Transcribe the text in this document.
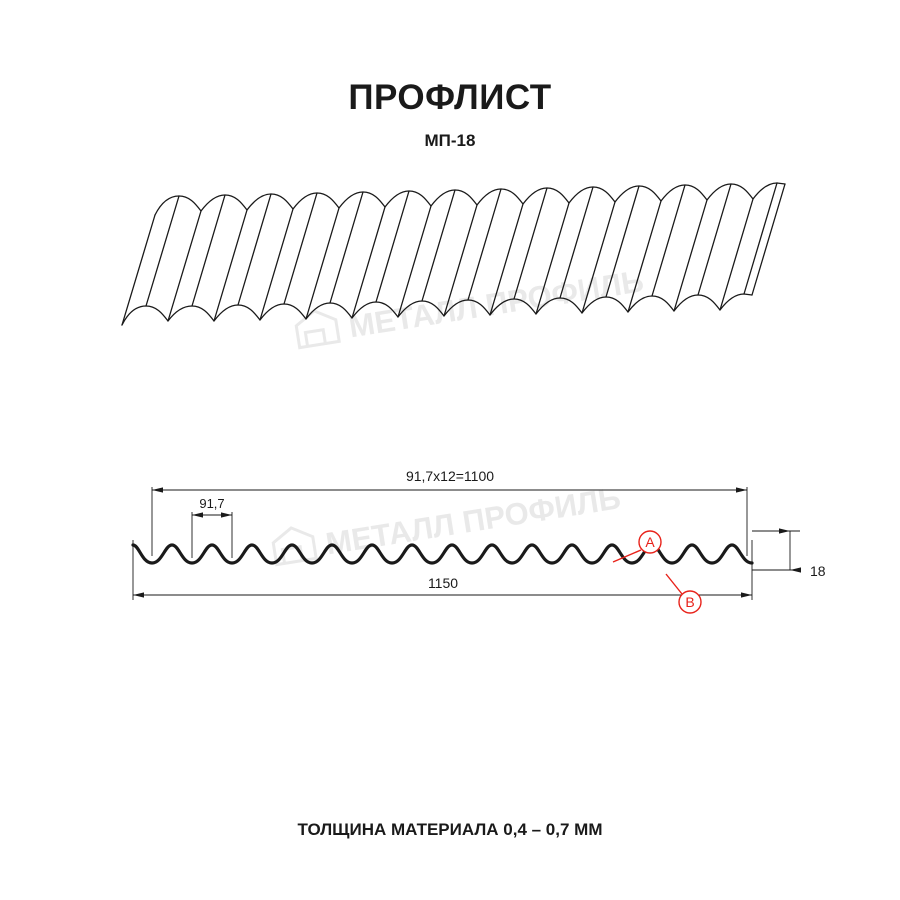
ПРОФЛИСТ
МП-18
МЕТАЛЛ ПРОФИЛЬ
МЕТАЛЛ ПРОФИЛЬ
91,7х12=1100
91,7
1150
18
A
B
ТОЛЩИНА МАТЕРИАЛА 0,4 – 0,7 ММ
